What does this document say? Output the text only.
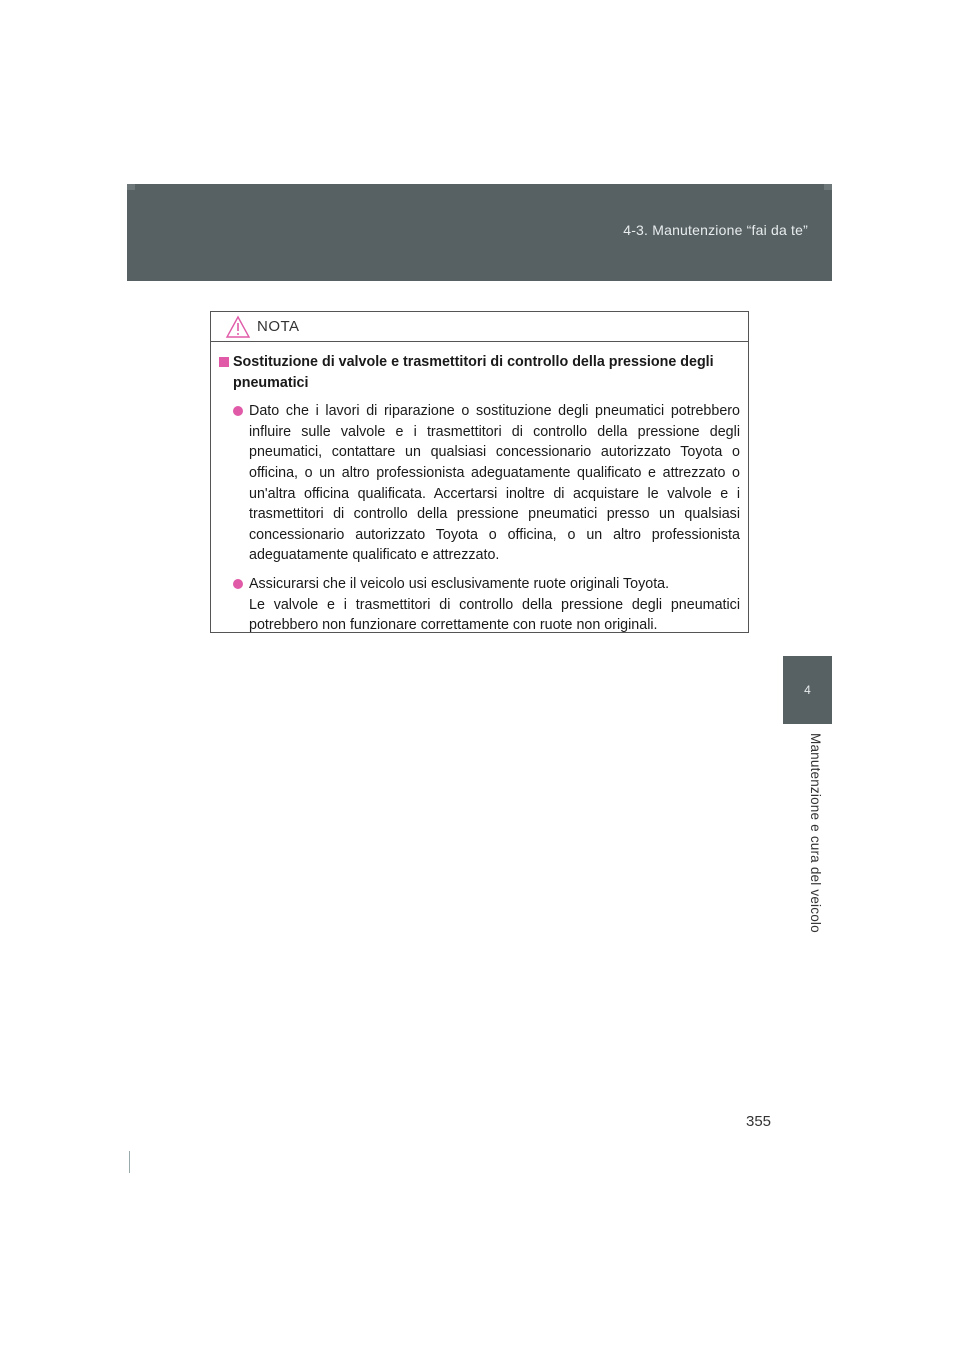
4-3. Manutenzione “fai da te”
4
Manutenzione e cura del veicolo
NOTA
Sostituzione di valvole e trasmettitori di controllo della pressione degli pneumatici
Dato che i lavori di riparazione o sostituzione degli pneumatici potrebbero influire sulle valvole e i trasmettitori di controllo della pressione degli pneumatici, contattare un qualsiasi concessionario autorizzato Toyota o officina, o un altro professionista adeguatamente qualificato e attrezzato o un'altra officina qualificata. Accertarsi inoltre di acquistare le valvole e i trasmettitori di controllo della pressione pneumatici presso un qualsiasi concessionario autorizzato Toyota o officina, o un altro professionista adeguatamente qualificato e attrezzato.
Assicurarsi che il veicolo usi esclusivamente ruote originali Toyota.
Le valvole e i trasmettitori di controllo della pressione degli pneumatici potrebbero non funzionare correttamente con ruote non originali.
355
